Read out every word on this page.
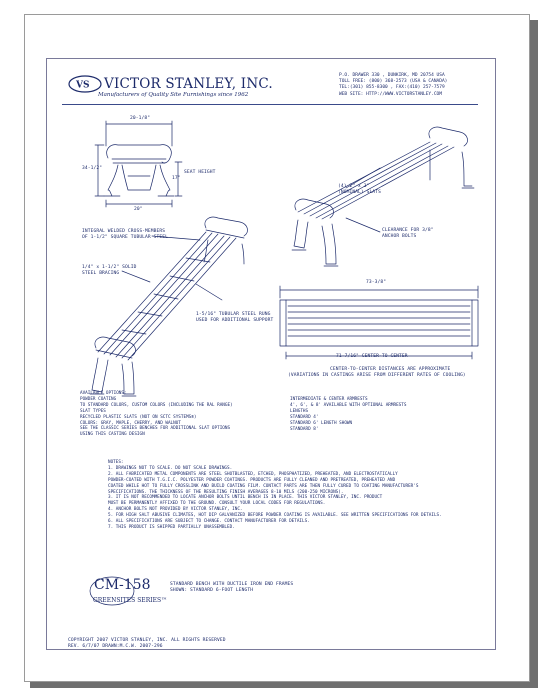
VS VICTOR STANLEY, INC.
Manufacturers of Quality Site Furnishings since 1962
P.O. DRAWER 330 , DUNKIRK, MD 20754 USA
TOLL FREE: (800) 368-2573 (USA & CANADA)
TEL:(301) 855-8300 , FAX:(410) 257-7579
WEB SITE: HTTP://WWW.VICTORSTANLEY.COM
20-1/8"
34-1/2"
SEAT HEIGHT
17"
20"
INTEGRAL WELDED CROSS-MEMBERS
OF 1-1/2" SQUARE TUBULAR STEEL
1/4" x 1-1/2" SOLID
STEEL BRACING
1-5/16" TUBULAR STEEL RUNG
USED FOR ADDITIONAL SUPPORT
(4) 2" x 3"
(NOMINAL) SLATS
CLEARANCE FOR 3/8"
ANCHOR BOLTS
73-3/8"
71-7/16" CENTER-TO-CENTER
CENTER-TO-CENTER DISTANCES ARE APPROXIMATE
(VARIATIONS IN CASTINGS ARISE FROM DIFFERENT RATES OF COOLING)
AVAILABLE OPTIONS:
POWDER COATING
TO STANDARD COLORS, CUSTOM COLORS (INCLUDING THE RAL RANGE)
SLAT TYPES
RECYCLED PLASTIC SLATS (NOT ON SCTC SYSTEMS®)
COLORS: GRAY, MAPLE, CHERRY, AND WALNUT
SEE THE CLASSIC SERIES BENCHES FOR ADDITIONAL SLAT OPTIONS
USING THIS CASTING DESIGN
INTERMEDIATE & CENTER ARMRESTS
4', 6', & 8' AVAILABLE WITH OPTIONAL ARMRESTS
LENGTHS
STANDARD 4'
STANDARD 6' LENGTH SHOWN
STANDARD 8'
NOTES:
1. DRAWINGS NOT TO SCALE. DO NOT SCALE DRAWINGS.
2. ALL FABRICATED METAL COMPONENTS ARE STEEL SHOTBLASTED, ETCHED, PHOSPHATIZED, PREHEATED, AND ELECTROSTATICALLY
POWDER-COATED WITH T.G.I.C. POLYESTER POWDER COATINGS. PRODUCTS ARE FULLY CLEANED AND PRETREATED, PREHEATED AND
COATED WHILE HOT TO FULLY CROSSLINK AND BUILD COATING FILM. CONTACT PARTS ARE THEN FULLY CURED TO COATING MANUFACTURER'S
SPECIFICATIONS. THE THICKNESS OF THE RESULTING FINISH AVERAGES 8-10 MILS (200-250 MICRONS).
3. IT IS NOT RECOMMENDED TO LOCATE ANCHOR BOLTS UNTIL BENCH IS IN PLACE. THIS VICTOR STANLEY, INC. PRODUCT
MUST BE PERMANENTLY AFFIXED TO THE GROUND. CONSULT YOUR LOCAL CODES FOR REGULATIONS.
4. ANCHOR BOLTS NOT PROVIDED BY VICTOR STANLEY, INC.
5. FOR HIGH SALT ABUSIVE CLIMATES, HOT DIP GALVANIZED BEFORE POWDER COATING IS AVAILABLE. SEE WRITTEN SPECIFICATIONS FOR DETAILS.
6. ALL SPECIFICATIONS ARE SUBJECT TO CHANGE. CONTACT MANUFACTURER FOR DETAILS.
7. THIS PRODUCT IS SHIPPED PARTIALLY UNASSEMBLED.
CM-158
GREENSITES SERIES™
STANDARD BENCH WITH DUCTILE IRON END FRAMES
SHOWN: STANDARD 6-FOOT LENGTH
COPYRIGHT 2007 VICTOR STANLEY, INC. ALL RIGHTS RESERVED
REV. 6/7/07 DRAWN:M.C.W. 2007-296
